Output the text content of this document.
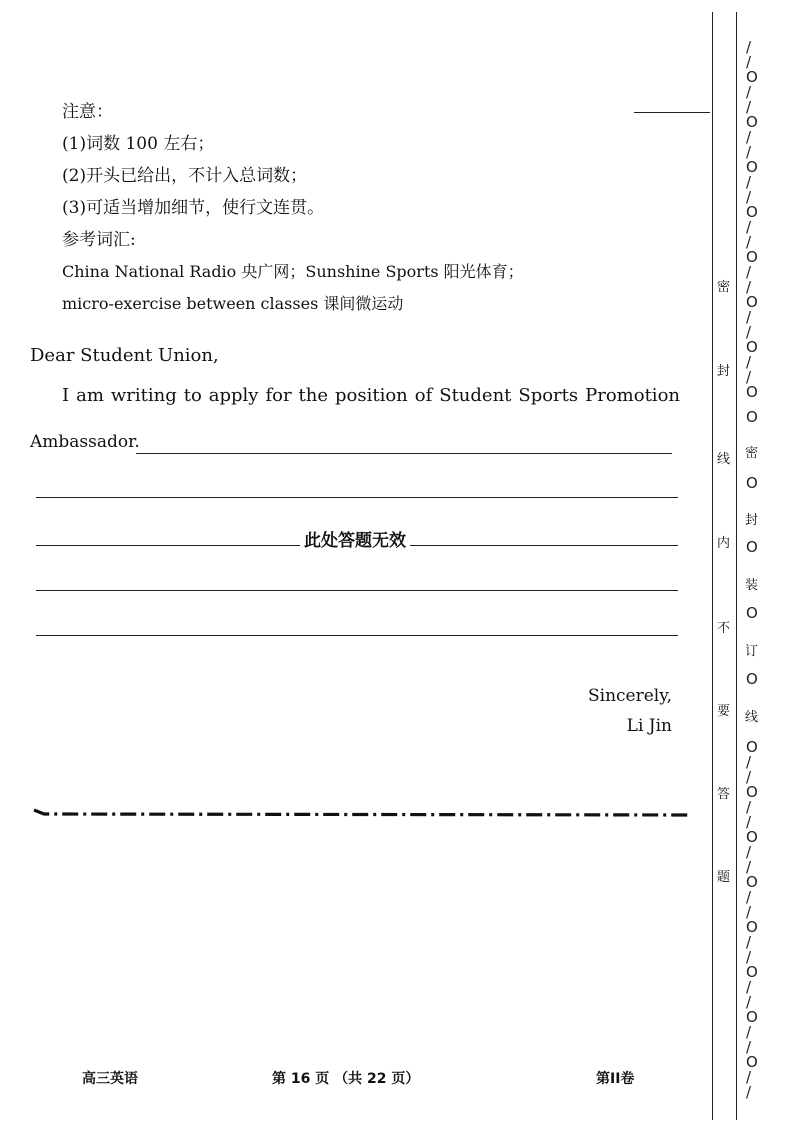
注意：
(1)词数 100 左右；
(2)开头已给出，不计入总词数；
(3)可适当增加细节，使行文连贯。
参考词汇:
China National Radio 央广网；Sunshine Sports 阳光体育；
micro-exercise between classes 课间微运动
Dear Student Union,
I am writing to apply for the position of Student Sports Promotion
Ambassador.
此处答题无效
Sincerely,
Li Jin
高三英语	第 16 页 （共 22 页）	第II卷
密
封
线
内
不
要
答
题
密
封
装
订
线
/
/
O
/
/
O
/
/
O
/
/
O
/
/
O
/
/
O
/
/
O
/
/
O
O
O
O
O
O
O
/
/
O
/
/
O
/
/
O
/
/
O
/
/
O
/
/
O
/
/
O
/
/
